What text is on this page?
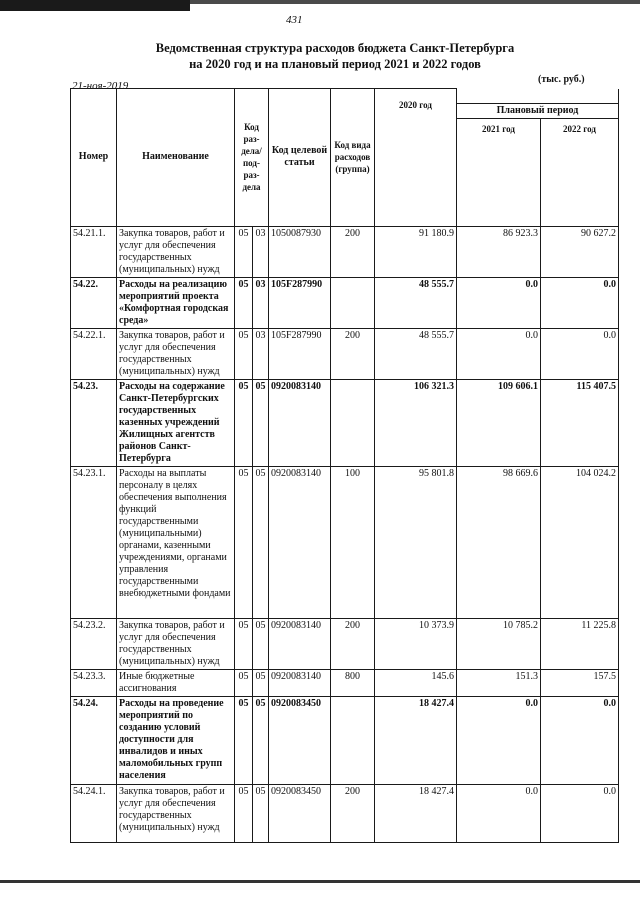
431
Ведомственная структура расходов бюджета Санкт-Петербурга
на 2020 год и на плановый период 2021 и 2022 годов
21-ноя-2019
(тыс. руб.)
Номер	Наименование	Код раз-дела/ под-раз-дела		Код целевой статьи	Код вида расходов (группа)	2020 год		
							Плановый период	
							2021 год	2022 год
54.21.1.	Закупка товаров, работ и услуг для обеспечения государственных (муниципальных) нужд	05	03	1050087930	200	91 180.9	86 923.3	90 627.2
54.22.	Расходы на реализацию мероприятий проекта «Комфортная городская среда»	05	03	105F287990		48 555.7	0.0	0.0
54.22.1.	Закупка товаров, работ и услуг для обеспечения государственных (муниципальных) нужд	05	03	105F287990	200	48 555.7	0.0	0.0
54.23.	Расходы на содержание Санкт-Петербургских государственных казенных учреждений Жилищных агентств районов Санкт-Петербурга	05	05	0920083140		106 321.3	109 606.1	115 407.5
54.23.1.	Расходы на выплаты персоналу в целях обеспечения выполнения функций государственными (муниципальными) органами, казенными учреждениями, органами управления государственными внебюджетными фондами	05	05	0920083140	100	95 801.8	98 669.6	104 024.2
54.23.2.	Закупка товаров, работ и услуг для обеспечения государственных (муниципальных) нужд	05	05	0920083140	200	10 373.9	10 785.2	11 225.8
54.23.3.	Иные бюджетные ассигнования	05	05	0920083140	800	145.6	151.3	157.5
54.24.	Расходы на проведение мероприятий по созданию условий доступности для инвалидов и иных маломобильных групп населения	05	05	0920083450		18 427.4	0.0	0.0
54.24.1.	Закупка товаров, работ и услуг для обеспечения государственных (муниципальных) нужд	05	05	0920083450	200	18 427.4	0.0	0.0
